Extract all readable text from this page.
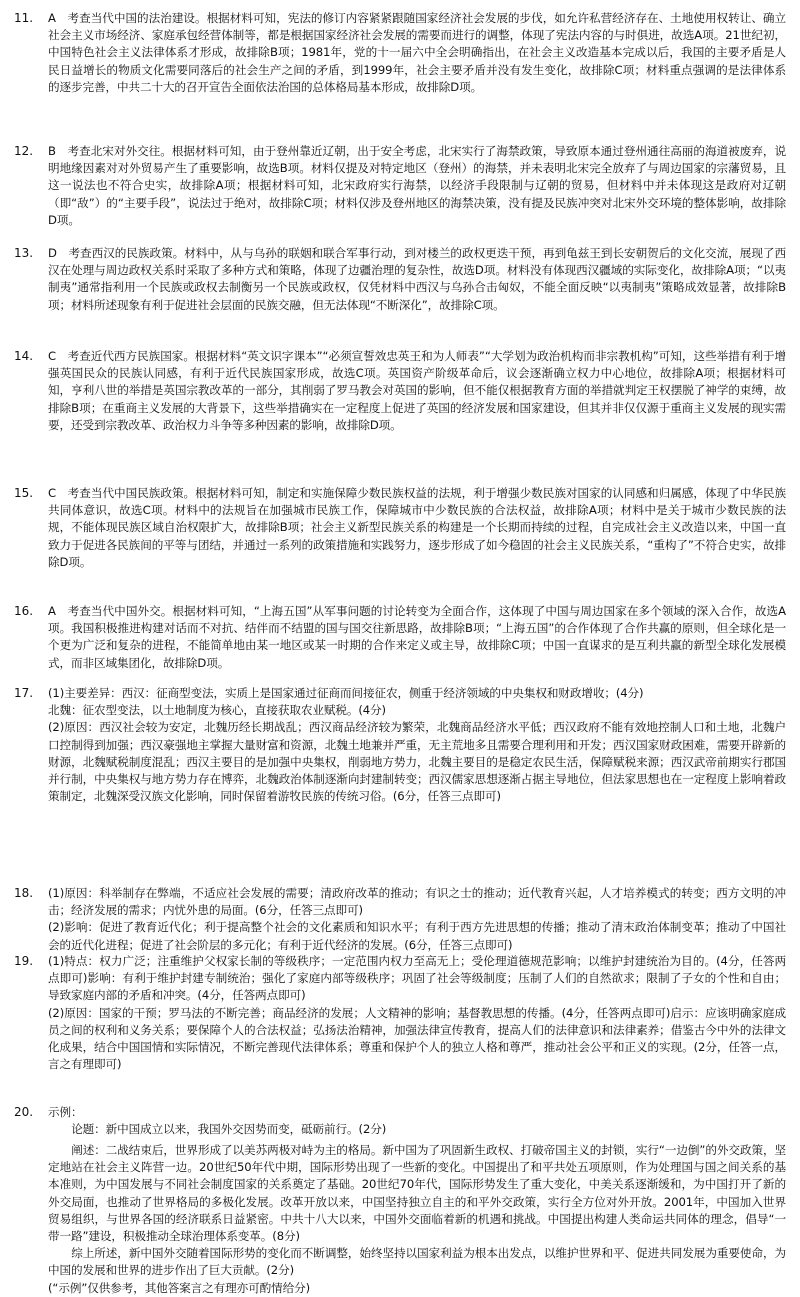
11.	A　考查当代中国的法治建设。根据材料可知，宪法的修订内容紧紧跟随国家经济社会发展的步伐，如允许私营经济存在、土地使用权转让、确立社会主义市场经济、家庭承包经营体制等，都是根据国家经济社会发展的需要而进行的调整，体现了宪法内容的与时俱进，故选A项。21世纪初，中国特色社会主义法律体系才形成，故排除B项；1981年，党的十一届六中全会明确指出，在社会主义改造基本完成以后，我国的主要矛盾是人民日益增长的物质文化需要同落后的社会生产之间的矛盾，到1999年，社会主要矛盾并没有发生变化，故排除C项；材料重点强调的是法律体系的逐步完善，中共二十大的召开宣告全面依法治国的总体格局基本形成，故排除D项。

12.	B　考查北宋对外交往。根据材料可知，由于登州靠近辽朝，出于安全考虑，北宋实行了海禁政策，导致原本通过登州通往高丽的海道被废弃，说明地缘因素对对外贸易产生了重要影响，故选B项。材料仅提及对特定地区（登州）的海禁，并未表明北宋完全放弃了与周边国家的宗藩贸易，且这一说法也不符合史实，故排除A项；根据材料可知，北宋政府实行海禁，以经济手段限制与辽朝的贸易，但材料中并未体现这是政府对辽朝（即“敌”）的“主要手段”，说法过于绝对，故排除C项；材料仅涉及登州地区的海禁决策，没有提及民族冲突对北宋外交环境的整体影响，故排除D项。

13.	D　考查西汉的民族政策。材料中，从与乌孙的联姻和联合军事行动，到对楼兰的政权更迭干预，再到龟兹王到长安朝贺后的文化交流，展现了西汉在处理与周边政权关系时采取了多种方式和策略，体现了边疆治理的复杂性，故选D项。材料没有体现西汉疆域的实际变化，故排除A项；“以夷制夷”通常指利用一个民族或政权去制衡另一个民族或政权，仅凭材料中西汉与乌孙合击匈奴，不能全面反映“以夷制夷”策略成效显著，故排除B项；材料所述现象有利于促进社会层面的民族交融，但无法体现“不断深化”，故排除C项。

14.	C　考查近代西方民族国家。根据材料“英文识字课本”“必须宣誓效忠英王和为人师表”“大学划为政治机构而非宗教机构”可知，这些举措有利于增强英国民众的民族认同感，有利于近代民族国家形成，故选C项。英国资产阶级革命后，议会逐渐确立权力中心地位，故排除A项；根据材料可知，亨利八世的举措是英国宗教改革的一部分，其削弱了罗马教会对英国的影响，但不能仅根据教育方面的举措就判定王权摆脱了神学的束缚，故排除B项；在重商主义发展的大背景下，这些举措确实在一定程度上促进了英国的经济发展和国家建设，但其并非仅仅源于重商主义发展的现实需要，还受到宗教改革、政治权力斗争等多种因素的影响，故排除D项。

15.	C　考查当代中国民族政策。根据材料可知，制定和实施保障少数民族权益的法规，利于增强少数民族对国家的认同感和归属感，体现了中华民族共同体意识，故选C项。材料中的法规旨在加强城市民族工作，保障城市中少数民族的合法权益，故排除A项；材料中是关于城市少数民族的法规，不能体现民族区域自治权限扩大，故排除B项；社会主义新型民族关系的构建是一个长期而持续的过程，自完成社会主义改造以来，中国一直致力于促进各民族间的平等与团结，并通过一系列的政策措施和实践努力，逐步形成了如今稳固的社会主义民族关系，“重构了”不符合史实，故排除D项。

16.	A　考查当代中国外交。根据材料可知，“上海五国”从军事问题的讨论转变为全面合作，这体现了中国与周边国家在多个领域的深入合作，故选A项。我国积极推进构建对话而不对抗、结伴而不结盟的国与国交往新思路，故排除B项；“上海五国”的合作体现了合作共赢的原则，但全球化是一个更为广泛和复杂的进程，不能简单地由某一地区或某一时期的合作来定义或主导，故排除C项；中国一直谋求的是互利共赢的新型全球化发展模式，而非区域集团化，故排除D项。

17.	(1)主要差异：西汉：征商型变法，实质上是国家通过征商而间接征农，侧重于经济领域的中央集权和财政增收；(4分)

北魏：征农型变法，以土地制度为核心，直接获取农业赋税。(4分)

(2)原因：西汉社会较为安定，北魏历经长期战乱；西汉商品经济较为繁荣，北魏商品经济水平低；西汉政府不能有效地控制人口和土地，北魏户口控制得到加强；西汉豪强地主掌握大量财富和资源，北魏土地兼并严重，无主荒地多且需要合理利用和开发；西汉国家财政困难，需要开辟新的财源，北魏赋税制度混乱；西汉主要目的是加强中央集权，削弱地方势力，北魏主要目的是稳定农民生活，保障赋税来源；西汉武帝前期实行郡国并行制，中央集权与地方势力存在博弈，北魏政治体制逐渐向封建制转变；西汉儒家思想逐渐占据主导地位，但法家思想也在一定程度上影响着政策制定，北魏深受汉族文化影响，同时保留着游牧民族的传统习俗。(6分，任答三点即可)

18.	(1)原因：科举制存在弊端，不适应社会发展的需要；清政府改革的推动；有识之士的推动；近代教育兴起，人才培养模式的转变；西方文明的冲击；经济发展的需求；内忧外患的局面。(6分，任答三点即可)

(2)影响：促进了教育近代化；利于提高整个社会的文化素质和知识水平；有利于西方先进思想的传播；推动了清末政治体制变革；推动了中国社会的近代化进程；促进了社会阶层的多元化；有利于近代经济的发展。(6分，任答三点即可)

19.	(1)特点：权力广泛；注重维护父权家长制的等级秩序；一定范围内权力至高无上；受伦理道德规范影响；以维护封建统治为目的。(4分，任答两点即可)影响：有利于维护封建专制统治；强化了家庭内部等级秩序；巩固了社会等级制度；压制了人们的自然欲求；限制了子女的个性和自由；导致家庭内部的矛盾和冲突。(4分，任答两点即可)

(2)原因：国家的干预；罗马法的不断完善；商品经济的发展；人文精神的影响；基督教思想的传播。(4分，任答两点即可)启示：应该明确家庭成员之间的权利和义务关系；要保障个人的合法权益；弘扬法治精神，加强法律宣传教育，提高人们的法律意识和法律素养；借鉴古今中外的法律文化成果，结合中国国情和实际情况，不断完善现代法律体系；尊重和保护个人的独立人格和尊严，推动社会公平和正义的实现。(2分，任答一点，言之有理即可)

20.	示例：

论题：新中国成立以来，我国外交因势而变，砥砺前行。(2分)

阐述：二战结束后，世界形成了以美苏两极对峙为主的格局。新中国为了巩固新生政权、打破帝国主义的封锁，实行“一边倒”的外交政策，坚定地站在社会主义阵营一边。20世纪50年代中期，国际形势出现了一些新的变化。中国提出了和平共处五项原则，作为处理国与国之间关系的基本准则，为中国发展与不同社会制度国家的关系奠定了基础。20世纪70年代，国际形势发生了重大变化，中美关系逐渐缓和，为中国打开了新的外交局面，也推动了世界格局的多极化发展。改革开放以来，中国坚持独立自主的和平外交政策，实行全方位对外开放。2001年，中国加入世界贸易组织，与世界各国的经济联系日益紧密。中共十八大以来，中国外交面临着新的机遇和挑战。中国提出构建人类命运共同体的理念，倡导“一带一路”建设，积极推动全球治理体系变革。(8分)

综上所述，新中国外交随着国际形势的变化而不断调整，始终坚持以国家利益为根本出发点，以维护世界和平、促进共同发展为重要使命，为中国的发展和世界的进步作出了巨大贡献。(2分)

(“示例”仅供参考，其他答案言之有理亦可酌情给分)
